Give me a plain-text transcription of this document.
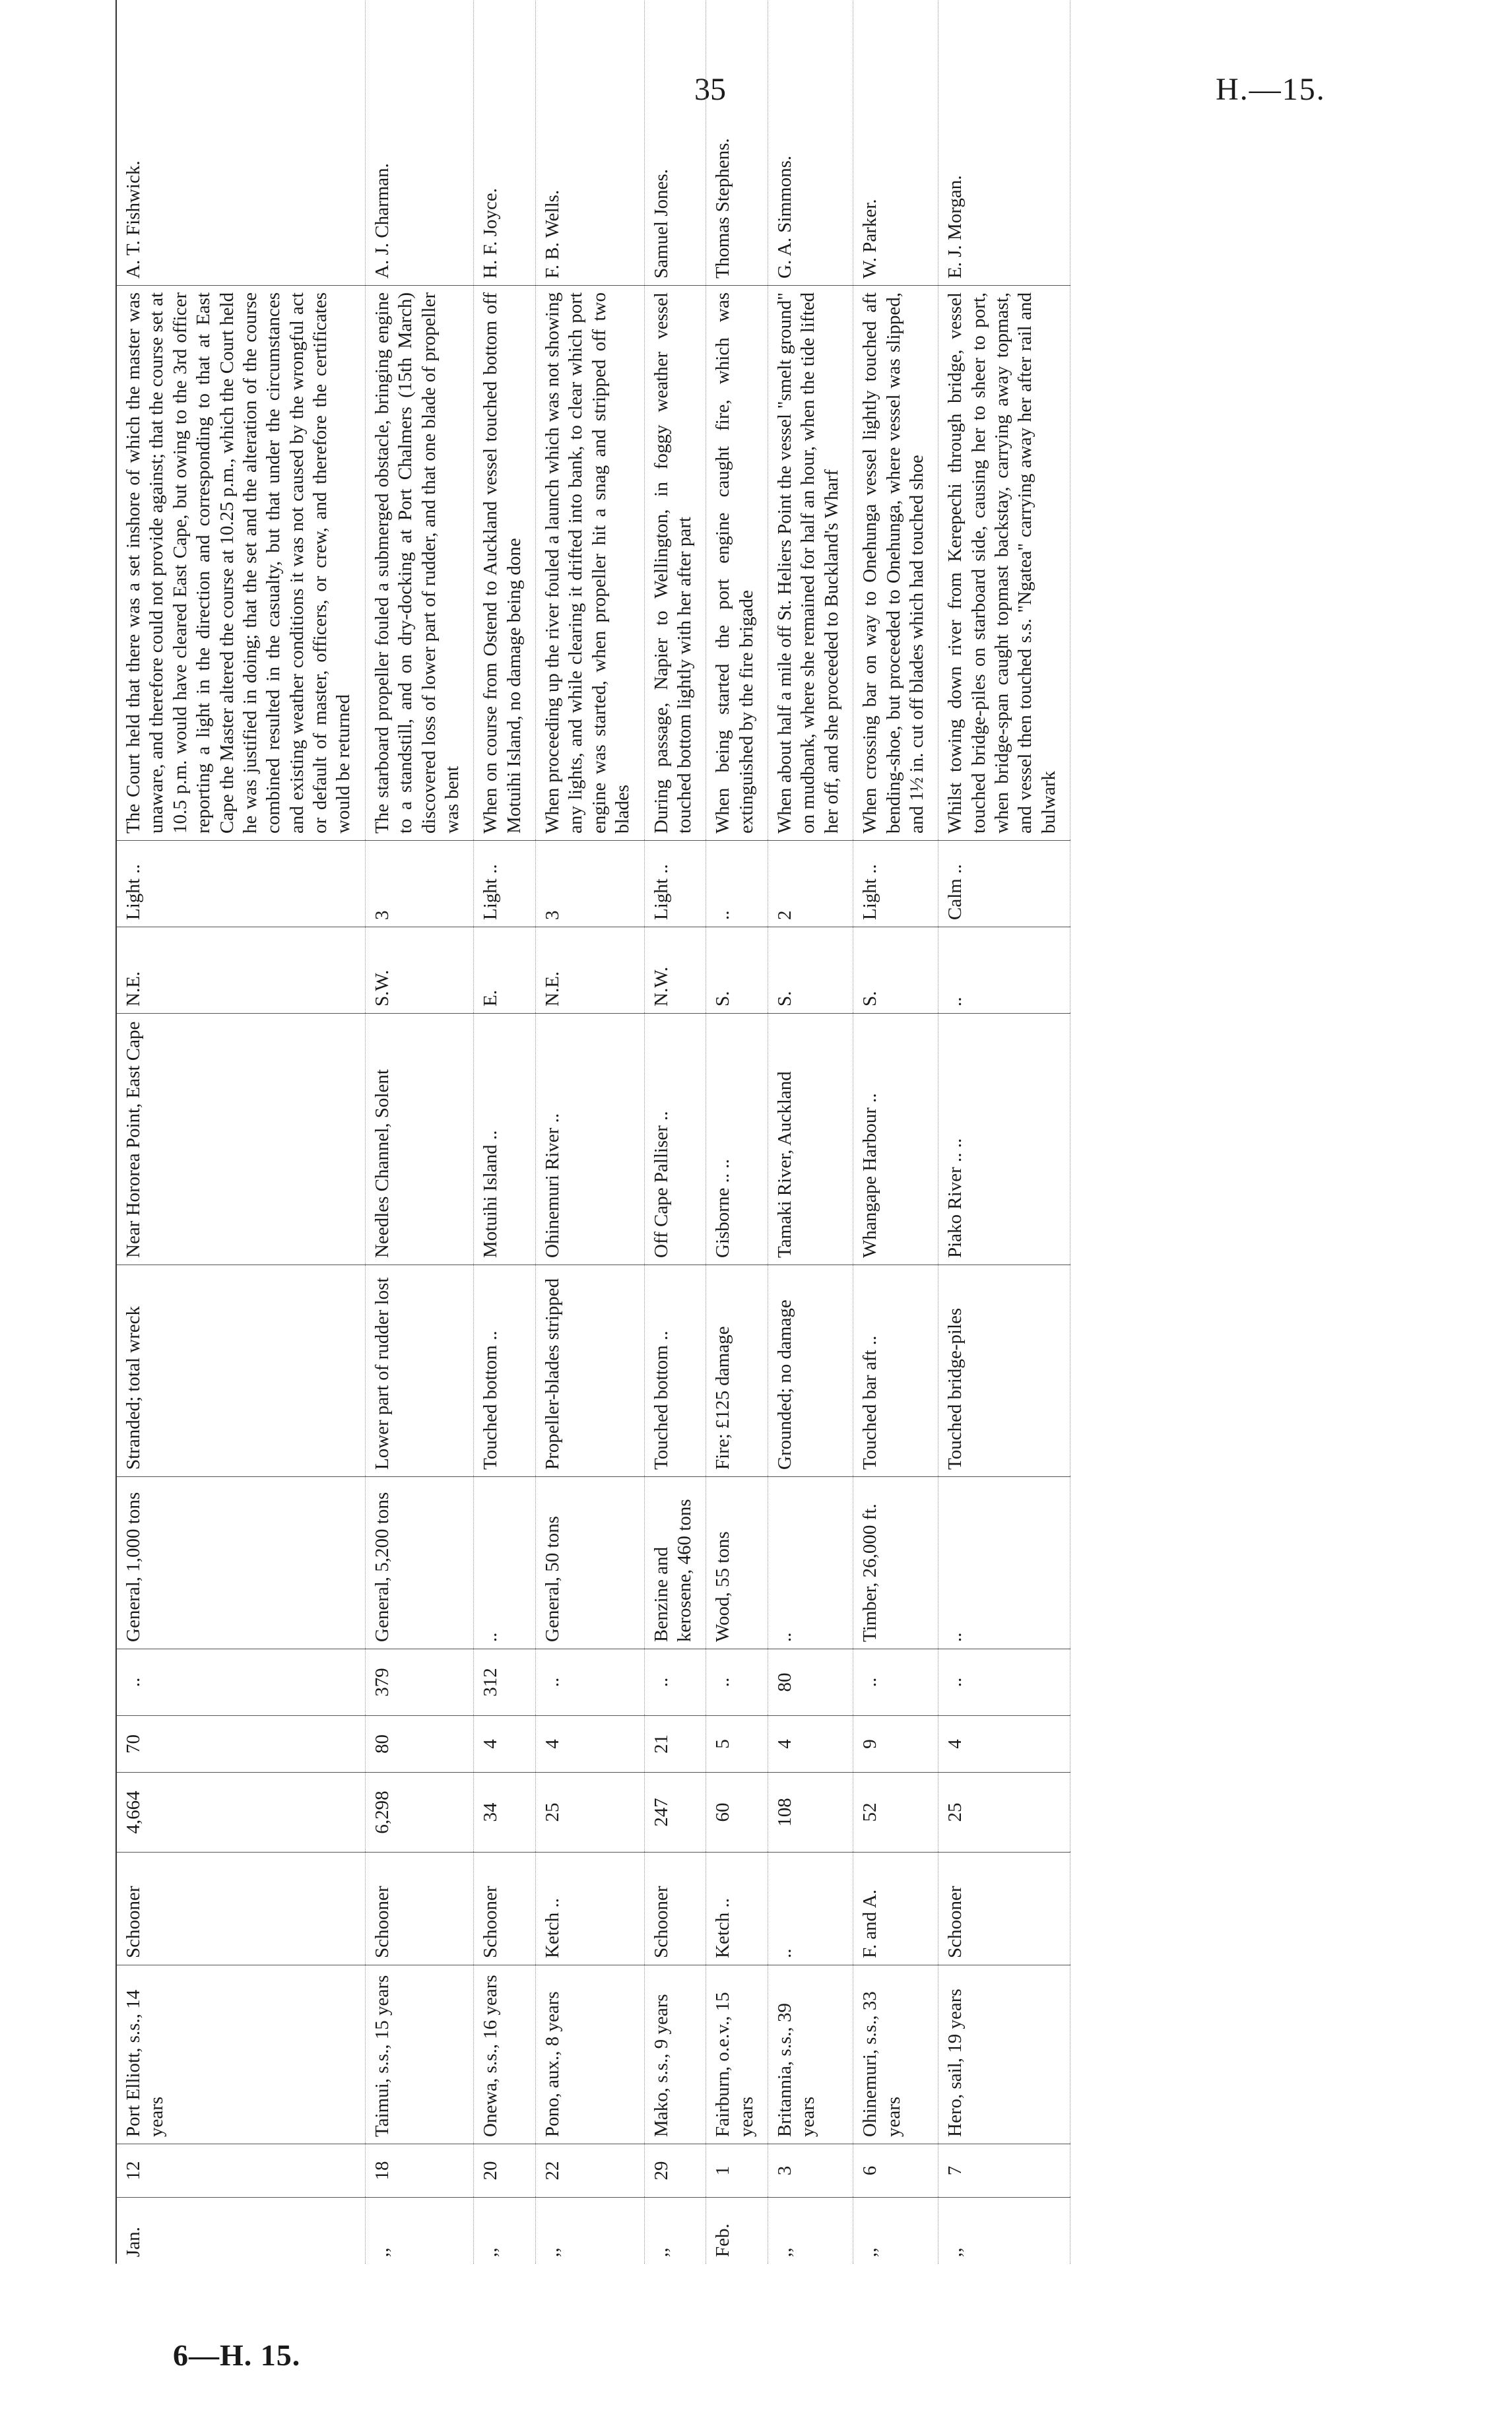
35	H.—15.
Jan.	12	Port Elliott, s.s., 14 years	Schooner	4,664	70	..	General, 1,000 tons	Stranded; total wreck	Near Hororea Point, East Cape	N.E.	Light ..	The Court held that there was a set inshore of which the master was unaware, and therefore could not provide against; that the course set at 10.5 p.m. would have cleared East Cape, but owing to the 3rd officer reporting a light in the direction and corresponding to that at East Cape the Master altered the course at 10.25 p.m., which the Court held he was justified in doing; that the set and the alteration of the course combined resulted in the casualty, but that under the circumstances and existing weather conditions it was not caused by the wrongful act or default of master, officers, or crew, and therefore the certificates would be returned	A. T. Fishwick.
,,	18	Taimui, s.s., 15 years	Schooner	6,298	80	379	General, 5,200 tons	Lower part of rudder lost	Needles Channel, Solent	S.W.	3	The starboard propeller fouled a submerged obstacle, bringing engine to a standstill, and on dry-docking at Port Chalmers (15th March) discovered loss of lower part of rudder, and that one blade of propeller was bent	A. J. Charman.
,,	20	Onewa, s.s., 16 years	Schooner	34	4	312	..	Touched bottom ..	Motuihi Island ..	E.	Light ..	When on course from Ostend to Auckland vessel touched bottom off Motuihi Island, no damage being done	H. F. Joyce.
,,	22	Pono, aux., 8 years	Ketch ..	25	4	..	General, 50 tons	Propeller-blades stripped	Ohinemuri River ..	N.E.	3	When proceeding up the river fouled a launch which was not showing any lights, and while clearing it drifted into bank, to clear which port engine was started, when propeller hit a snag and stripped off two blades	F. B. Wells.
,,	29	Mako, s.s., 9 years	Schooner	247	21	..	Benzine and kerosene, 460 tons	Touched bottom ..	Off Cape Palliser ..	N.W.	Light ..	During passage, Napier to Wellington, in foggy weather vessel touched bottom lightly with her after part	Samuel Jones.
Feb.	1	Fairburn, o.e.v., 15 years	Ketch ..	60	5	..	Wood, 55 tons	Fire; £125 damage	Gisborne .. ..	S.	..	When being started the port engine caught fire, which was extinguished by the fire brigade	Thomas Stephens.
,,	3	Britannia, s.s., 39 years	..	108	4	80	..	Grounded; no damage	Tamaki River, Auckland	S.	2	When about half a mile off St. Heliers Point the vessel "smelt ground" on mudbank, where she remained for half an hour, when the tide lifted her off, and she proceeded to Buckland's Wharf	G. A. Simmons.
,,	6	Ohinemuri, s.s., 33 years	F. and A.	52	9	..	Timber, 26,000 ft.	Touched bar aft ..	Whangape Harbour ..	S.	Light ..	When crossing bar on way to Onehunga vessel lightly touched aft bending-shoe, but proceeded to Onehunga, where vessel was slipped, and 1½ in. cut off blades which had touched shoe	W. Parker.
,,	7	Hero, sail, 19 years	Schooner	25	4	..	..	Touched bridge-piles	Piako River .. ..	..	Calm ..	Whilst towing down river from Kerepechi through bridge, vessel touched bridge-piles on starboard side, causing her to sheer to port, when bridge-span caught topmast backstay, carrying away topmast, and vessel then touched s.s. "Ngatea" carrying away her after rail and bulwark	E. J. Morgan.
6—H. 15.
